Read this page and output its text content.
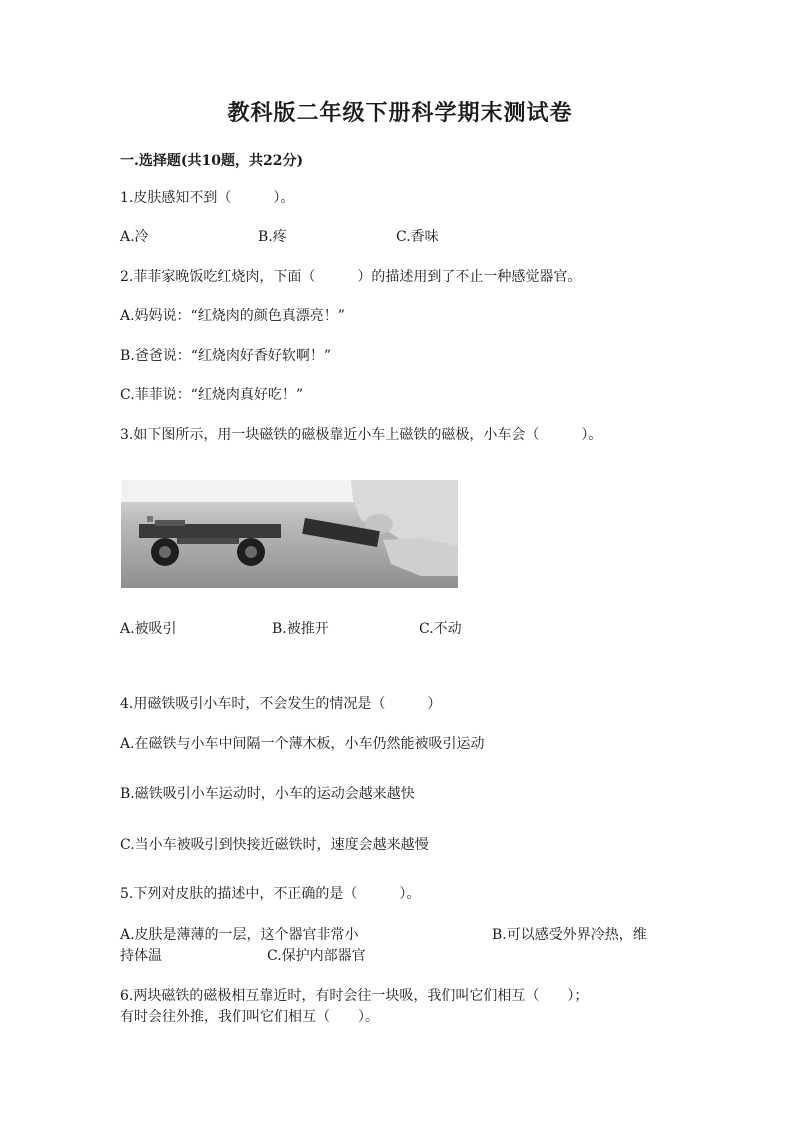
教科版二年级下册科学期末测试卷
一.选择题(共10题，共22分)
1.皮肤感知不到（　　　）。
A.冷	B.疼	C.香味
2.菲菲家晚饭吃红烧肉，下面（　　　）的描述用到了不止一种感觉器官。
A.妈妈说：“红烧肉的颜色真漂亮！”
B.爸爸说：“红烧肉好香好软啊！”
C.菲菲说：“红烧肉真好吃！”
3.如下图所示，用一块磁铁的磁极靠近小车上磁铁的磁极，小车会（　　　）。
A.被吸引	B.被推开	C.不动
4.用磁铁吸引小车时，不会发生的情况是（　　　）
A.在磁铁与小车中间隔一个薄木板，小车仍然能被吸引运动
B.磁铁吸引小车运动时，小车的运动会越来越快
C.当小车被吸引到快接近磁铁时，速度会越来越慢
5.下列对皮肤的描述中，不正确的是（　　　）。
A.皮肤是薄薄的一层，这个器官非常小	B.可以感受外界冷热，维
持体温	C.保护内部器官
6.两块磁铁的磁极相互靠近时，有时会往一块吸，我们叫它们相互（　　）；
有时会往外推，我们叫它们相互（　　）。
